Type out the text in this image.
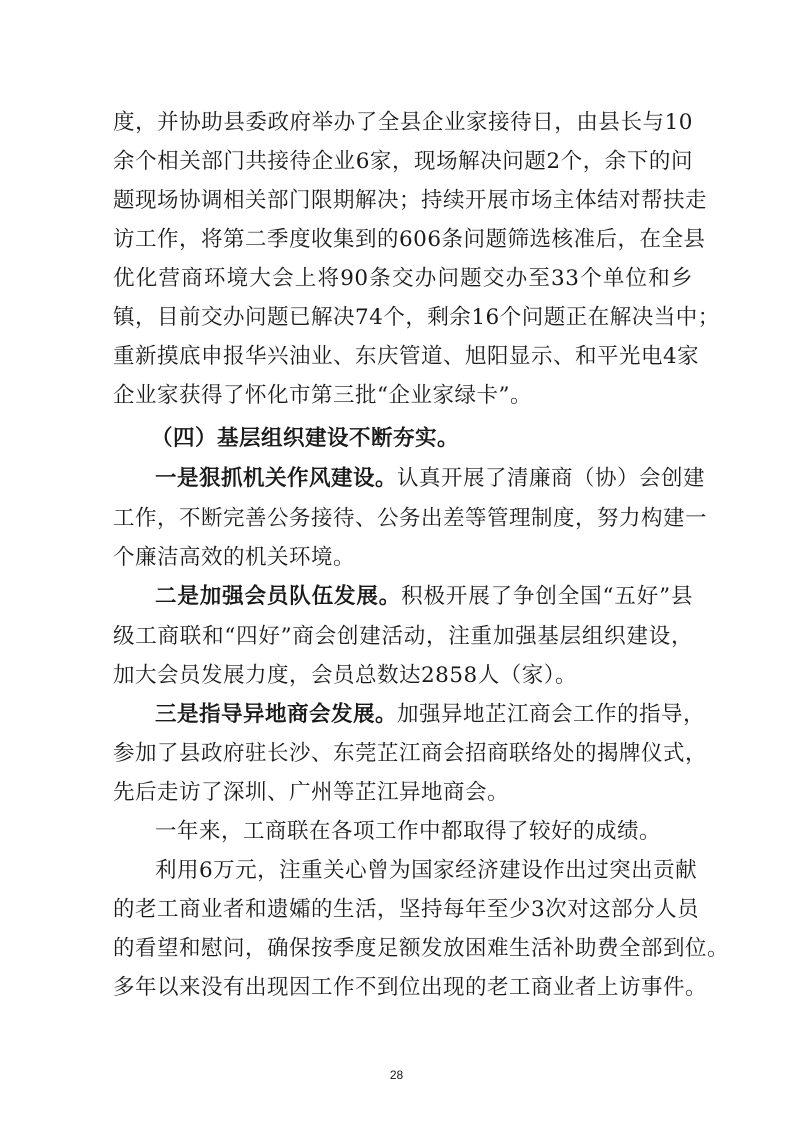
度，并协助县委政府举办了全县企业家接待日，由县长与10
余个相关部门共接待企业6家，现场解决问题2个，余下的问
题现场协调相关部门限期解决；持续开展市场主体结对帮扶走
访工作，将第二季度收集到的606条问题筛选核准后，在全县
优化营商环境大会上将90条交办问题交办至33个单位和乡
镇，目前交办问题已解决74个，剩余16个问题正在解决当中；
重新摸底申报华兴油业、东庆管道、旭阳显示、和平光电4家
企业家获得了怀化市第三批“企业家绿卡”。
（四）基层组织建设不断夯实。
一是狠抓机关作风建设。认真开展了清廉商（协）会创建
工作，不断完善公务接待、公务出差等管理制度，努力构建一
个廉洁高效的机关环境。
二是加强会员队伍发展。积极开展了争创全国“五好”县
级工商联和“四好”商会创建活动，注重加强基层组织建设，
加大会员发展力度，会员总数达2858人（家）。
三是指导异地商会发展。加强异地芷江商会工作的指导，
参加了县政府驻长沙、东莞芷江商会招商联络处的揭牌仪式，
先后走访了深圳、广州等芷江异地商会。
一年来，工商联在各项工作中都取得了较好的成绩。
利用6万元，注重关心曾为国家经济建设作出过突出贡献
的老工商业者和遗孀的生活，坚持每年至少3次对这部分人员
的看望和慰问，确保按季度足额发放困难生活补助费全部到位。
多年以来没有出现因工作不到位出现的老工商业者上访事件。
28
